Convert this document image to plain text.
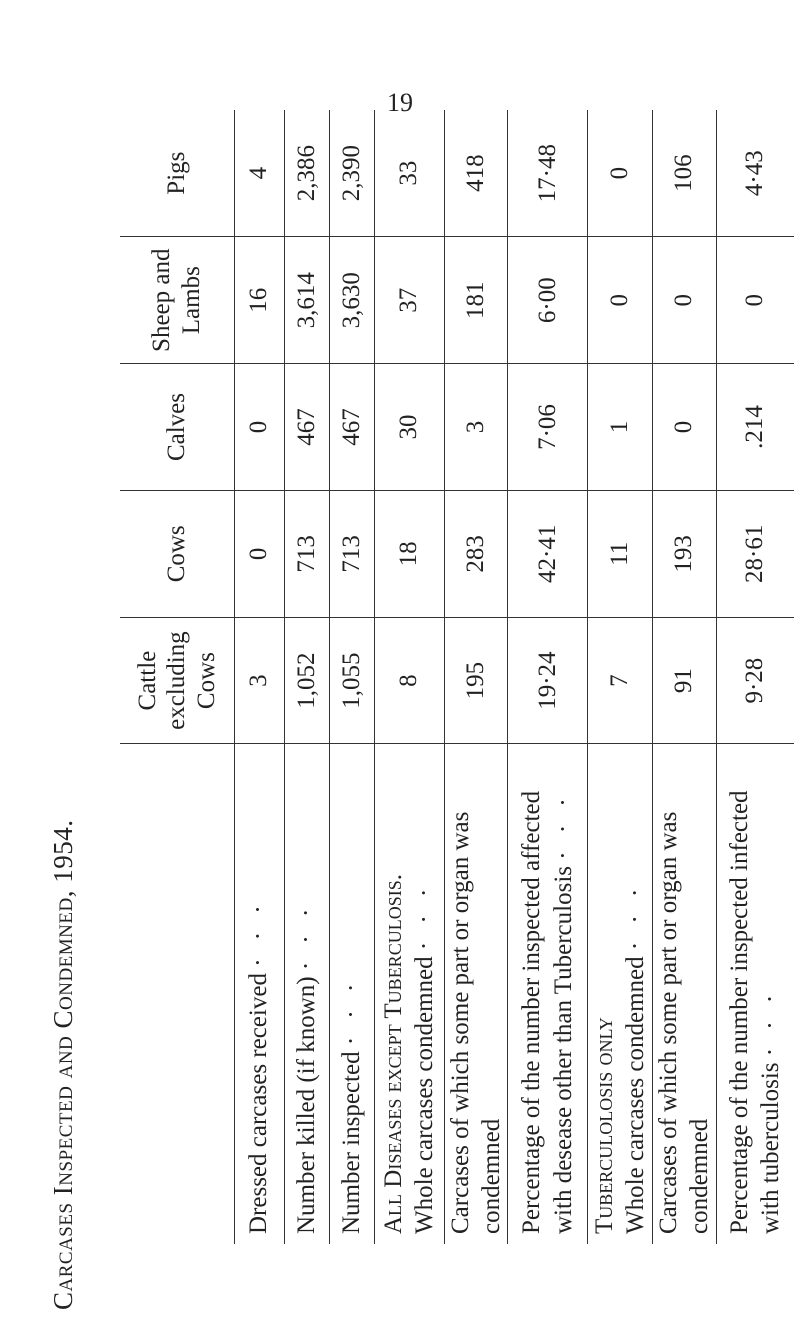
19
Carcases Inspected and Condemned, 1954.
	Cattle excluding Cows	Cows	Calves	Sheep and Lambs	Pigs
Dressed carcases received · · ·	3	0	0	16	4
Number killed (if known) · · ·	1,052	713	467	3,614	2,386
Number inspected · · ·	1,055	713	467	3,630	2,390
All Diseases except Tuberculosis. Whole carcases condemned · · ·	8	18	30	37	33
Carcases of which some part or organ was condemned	195	283	3	181	418
Percentage of the number inspected affected with desease other than Tuberculosis · · ·	19·24	42·41	7·06	6·00	17·48
Tuberculolosis only Whole carcases condemned · · ·	7	11	1	0	0
Carcases of which some part or organ was condemned	91	193	0	0	106
Percentage of the number inspected infected with tuberculosis · · ·	9·28	28·61	.214	0	4·43
